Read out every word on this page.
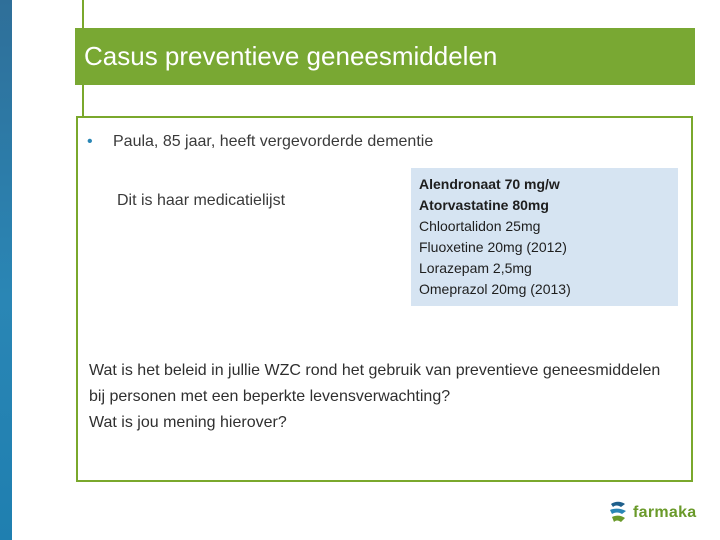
Casus preventieve geneesmiddelen
•	Paula, 85 jaar, heeft vergevorderde dementie
Dit is haar medicatielijst
Alendronaat 70 mg/w
Atorvastatine 80mg
Chloortalidon 25mg
Fluoxetine 20mg (2012)
Lorazepam 2,5mg
Omeprazol 20mg (2013)

Wat is het beleid in jullie WZC rond het gebruik van preventieve geneesmiddelen bij personen met een beperkte levensverwachting?

Wat is jou mening hierover?

farmaka
